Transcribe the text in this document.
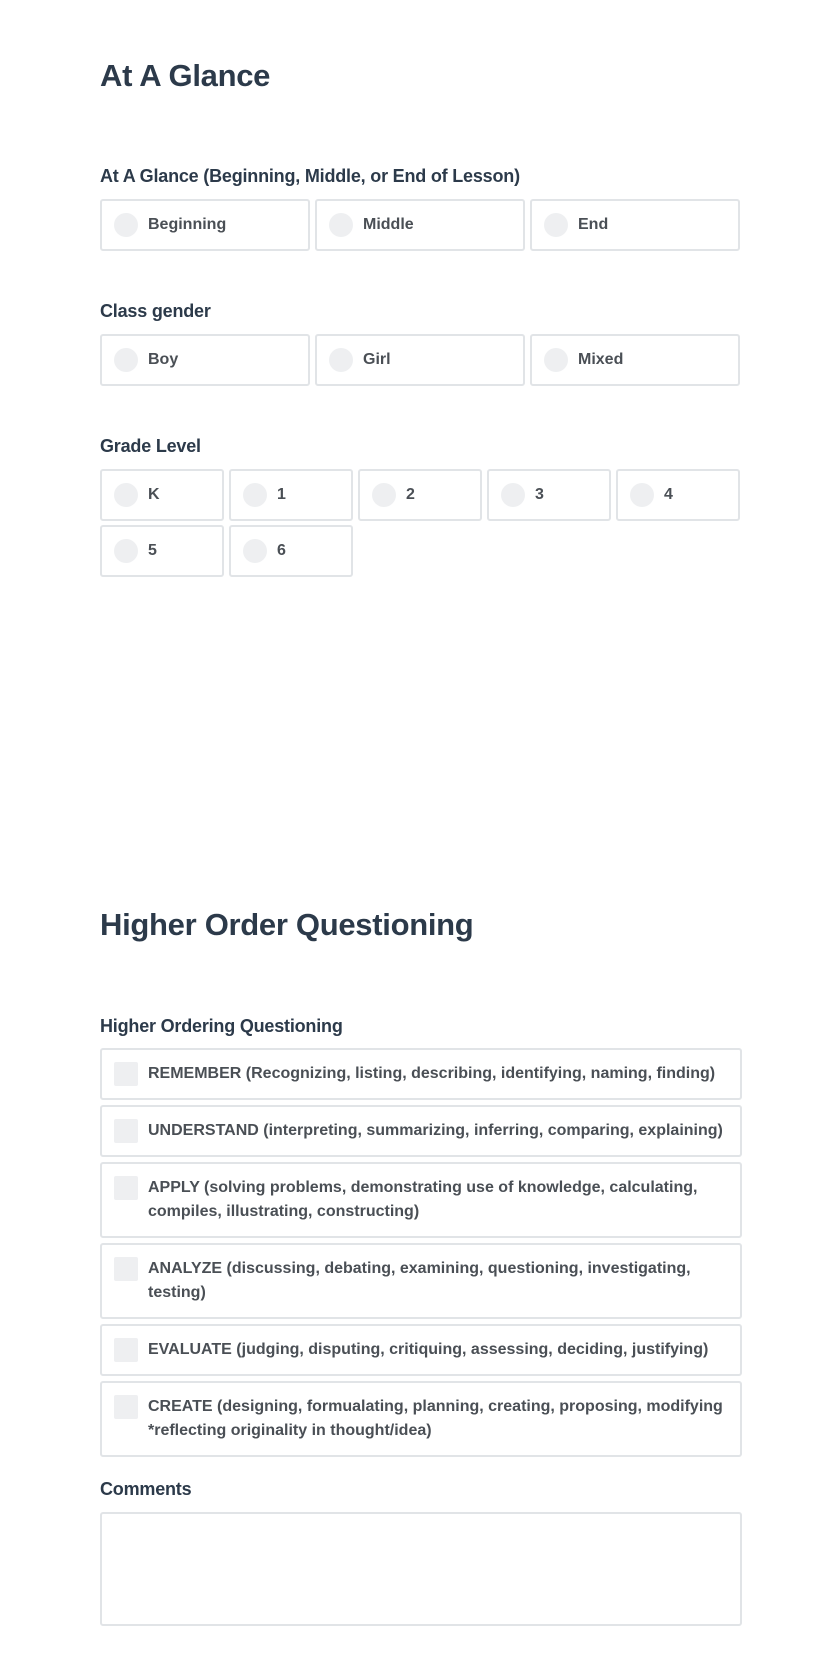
At A Glance
At A Glance (Beginning, Middle, or End of Lesson)
Beginning	Middle	End
Class gender
Boy	Girl	Mixed
Grade Level
K	1	2	3	4
5	6
Higher Order Questioning
Higher Ordering Questioning
REMEMBER (Recognizing, listing, describing, identifying, naming, finding)
UNDERSTAND (interpreting, summarizing, inferring, comparing, explaining)
APPLY (solving problems, demonstrating use of knowledge, calculating, compiles, illustrating, constructing)
ANALYZE (discussing, debating, examining, questioning, investigating, testing)
EVALUATE (judging, disputing, critiquing, assessing, deciding, justifying)
CREATE (designing, formualating, planning, creating, proposing, modifying *reflecting originality in thought/idea)
Comments
